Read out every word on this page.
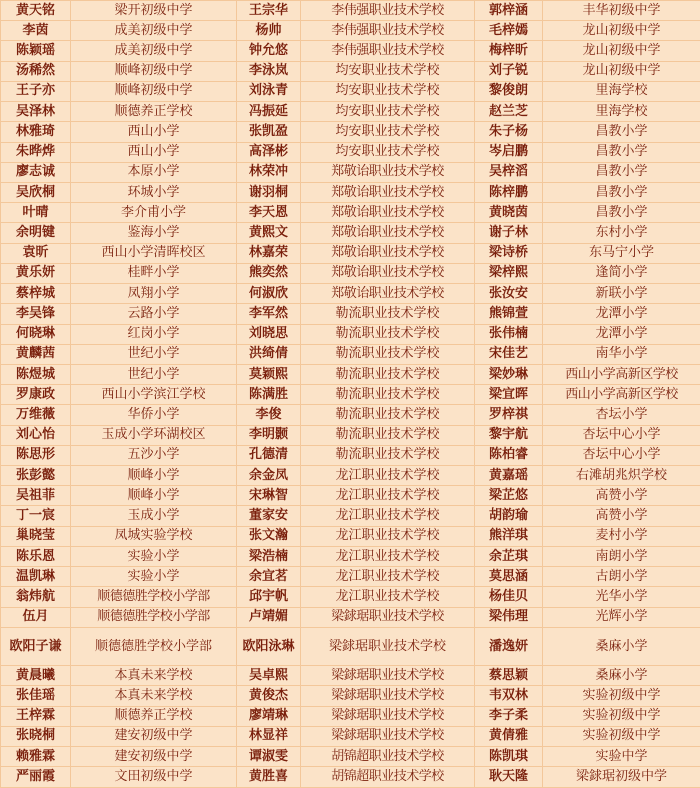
黄天铭	梁开初级中学	王宗华	李伟强职业技术学校	郭梓涵	丰华初级中学
李茵	成美初级中学	杨帅	李伟强职业技术学校	毛梓嫣	龙山初级中学
陈颖瑶	成美初级中学	钟允悠	李伟强职业技术学校	梅梓昕	龙山初级中学
汤稀然	顺峰初级中学	李泳岚	均安职业技术学校	刘子锐	龙山初级中学
王子亦	顺峰初级中学	刘泳青	均安职业技术学校	黎俊朗	里海学校
吴泽林	顺德养正学校	冯振延	均安职业技术学校	赵兰芝	里海学校
林雅琦	西山小学	张凯盈	均安职业技术学校	朱子杨	昌教小学
朱晔烨	西山小学	高泽彬	均安职业技术学校	岑启鹏	昌教小学
廖志诚	本原小学	林荣冲	郑敬诒职业技术学校	吴梓滔	昌教小学
吴欣桐	环城小学	谢羽桐	郑敬诒职业技术学校	陈梓鹏	昌教小学
叶晴	李介甫小学	李天恩	郑敬诒职业技术学校	黄晓茵	昌教小学
余明键	鉴海小学	黄熙文	郑敬诒职业技术学校	谢子林	东村小学
袁昕	西山小学清晖校区	林嘉荣	郑敬诒职业技术学校	梁诗桥	东马宁小学
黄乐妍	桂畔小学	熊奕然	郑敬诒职业技术学校	梁梓熙	逢简小学
蔡梓城	凤翔小学	何淑欣	郑敬诒职业技术学校	张汝安	新联小学
李吴锋	云路小学	李军然	勒流职业技术学校	熊锦萱	龙潭小学
何晓琳	红岗小学	刘晓思	勒流职业技术学校	张伟楠	龙潭小学
黄麟茜	世纪小学	洪绮倩	勒流职业技术学校	宋佳艺	南华小学
陈煜城	世纪小学	莫颖熙	勒流职业技术学校	梁妙琳	西山小学高新区学校
罗康政	西山小学滨江学校	陈满胜	勒流职业技术学校	梁宜晖	西山小学高新区学校
万维薇	华侨小学	李俊	勒流职业技术学校	罗梓祺	杏坛小学
刘心怡	玉成小学环湖校区	李明颢	勒流职业技术学校	黎宇航	杏坛中心小学
陈思形	五沙小学	孔德清	勒流职业技术学校	陈柏睿	杏坛中心小学
张彭懿	顺峰小学	余金凤	龙江职业技术学校	黄嘉瑶	右滩胡兆炽学校
吴祖菲	顺峰小学	宋琳智	龙江职业技术学校	梁芷悠	高赞小学
丁一宸	玉成小学	董家安	龙江职业技术学校	胡韵瑜	高赞小学
巢晓莹	凤城实验学校	张文瀚	龙江职业技术学校	熊洋琪	麦村小学
陈乐恩	实验小学	梁浩楠	龙江职业技术学校	余芷琪	南朗小学
温凯琳	实验小学	余宜茗	龙江职业技术学校	莫思涵	古朗小学
翁炜航	顺德德胜学校小学部	邱宇帆	龙江职业技术学校	杨佳贝	光华小学
伍月	顺德德胜学校小学部	卢靖媚	梁銶琚职业技术学校	梁伟理	光辉小学
欧阳子谦	顺德德胜学校小学部	欧阳泳琳	梁銶琚职业技术学校	潘逸妍	桑麻小学
黄晨曦	本真未来学校	吴卓熙	梁銶琚职业技术学校	蔡思颖	桑麻小学
张佳瑶	本真未来学校	黄俊杰	梁銶琚职业技术学校	韦双林	实验初级中学
王梓霖	顺德养正学校	廖靖琳	梁銶琚职业技术学校	李子柔	实验初级中学
张晓桐	建安初级中学	林显祥	梁銶琚职业技术学校	黄倩雅	实验初级中学
赖雅霖	建安初级中学	谭淑雯	胡锦超职业技术学校	陈凯琪	实验中学
严丽霞	文田初级中学	黄胜喜	胡锦超职业技术学校	耿天隆	梁銶琚初级中学
